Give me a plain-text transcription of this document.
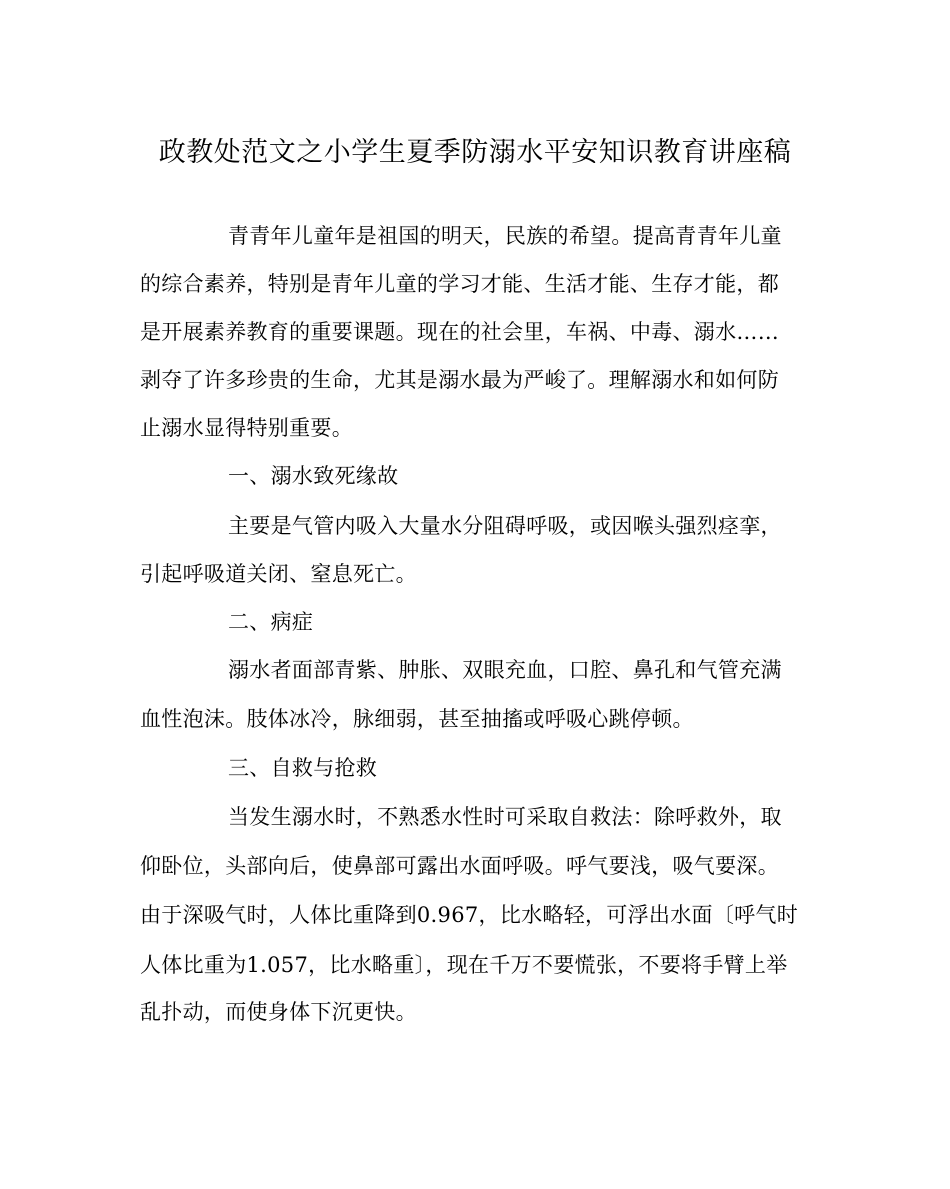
政教处范文之小学生夏季防溺水平安知识教育讲座稿
青青年儿童年是祖国的明天，民族的希望。提高青青年儿童
的综合素养，特别是青年儿童的学习才能、生活才能、生存才能，都
是开展素养教育的重要课题。现在的社会里，车祸、中毒、溺水……
剥夺了许多珍贵的生命，尤其是溺水最为严峻了。理解溺水和如何防
止溺水显得特别重要。
一、溺水致死缘故
主要是气管内吸入大量水分阻碍呼吸，或因喉头强烈痉挛，
引起呼吸道关闭、窒息死亡。
二、病症
溺水者面部青紫、肿胀、双眼充血，口腔、鼻孔和气管充满
血性泡沫。肢体冰冷，脉细弱，甚至抽搐或呼吸心跳停顿。
三、自救与抢救
当发生溺水时，不熟悉水性时可采取自救法：除呼救外，取
仰卧位，头部向后，使鼻部可露出水面呼吸。呼气要浅，吸气要深。
由于深吸气时，人体比重降到0.967，比水略轻，可浮出水面〔呼气时
人体比重为1.057，比水略重〕，现在千万不要慌张，不要将手臂上举
乱扑动，而使身体下沉更快。
